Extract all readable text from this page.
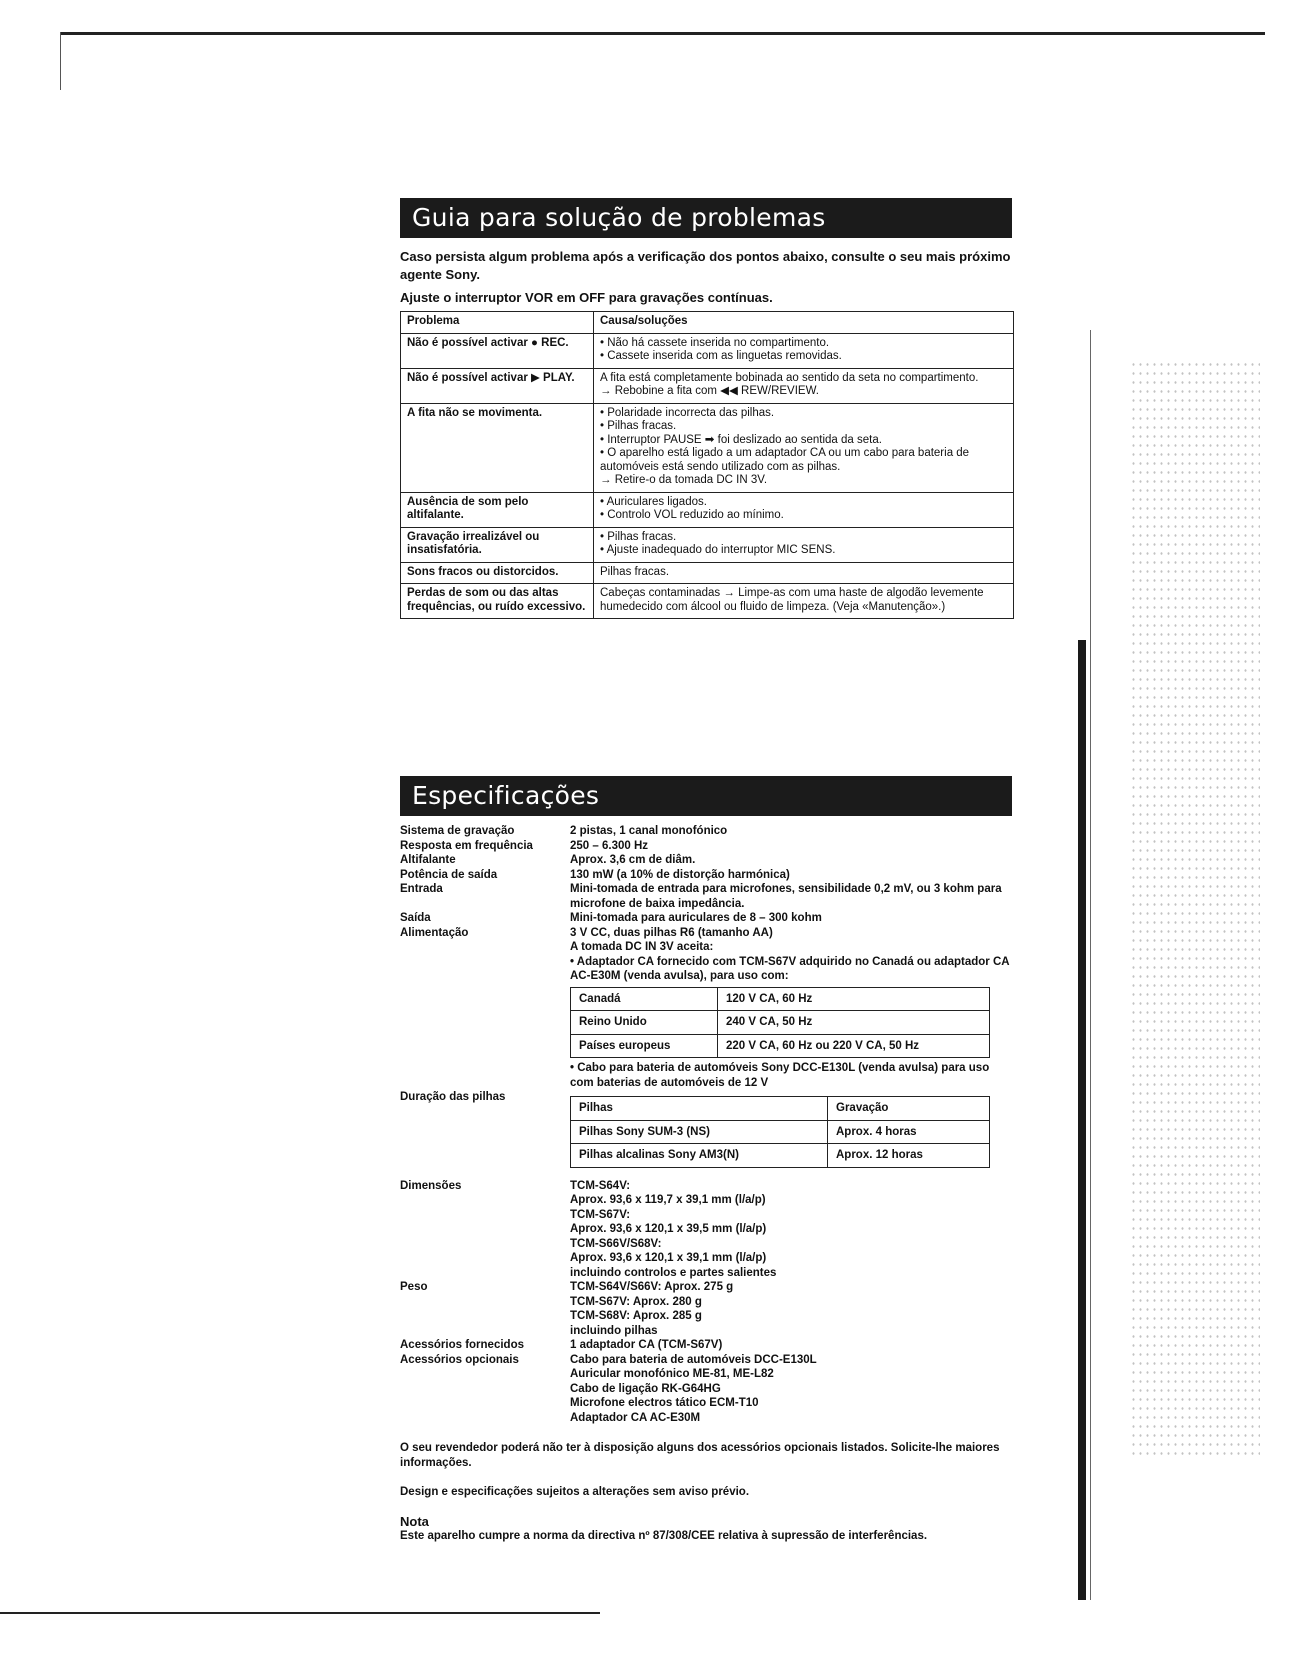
Guia para solução de problemas

Caso persista algum problema após a verificação dos pontos abaixo, consulte o seu mais próximo agente Sony.

Ajuste o interruptor VOR em OFF para gravações contínuas.

Problema	Causa/soluções
Não é possível activar ● REC.	• Não há cassete inserida no compartimento.
• Cassete inserida com as linguetas removidas.

Não é possível activar ▶ PLAY.	A fita está completamente bobinada ao sentido da seta no compartimento.
→ Rebobine a fita com ◀◀ REW/REVIEW.

A fita não se movimenta.	• Polaridade incorrecta das pilhas.
• Pilhas fracas.
• Interruptor PAUSE ➡ foi deslizado ao sentida da seta.
• O aparelho está ligado a um adaptador CA ou um cabo para bateria de automóveis está sendo utilizado com as pilhas.
→ Retire-o da tomada DC IN 3V.

Ausência de som pelo altifalante.	• Auriculares ligados.
• Controlo VOL reduzido ao mínimo.

Gravação irrealizável ou insatisfatória.	• Pilhas fracas.
• Ajuste inadequado do interruptor MIC SENS.

Sons fracos ou distorcidos.	Pilhas fracas.

Perdas de som ou das altas frequências, ou ruído excessivo.	Cabeças contaminadas → Limpe-as com uma haste de algodão levemente humedecido com álcool ou fluido de limpeza. (Veja «Manutenção».)
Especificações
Sistema de gravação	2 pistas, 1 canal monofónico
Resposta em frequência	250 – 6.300 Hz
Altifalante	Aprox. 3,6 cm de diâm.
Potência de saída	130 mW (a 10% de distorção harmónica)
Entrada	Mini-tomada de entrada para microfones, sensibilidade 0,2 mV, ou 3 kohm para microfone de baixa impedância.
Saída	Mini-tomada para auriculares de 8 – 300 kohm
Alimentação	3 V CC, duas pilhas R6 (tamanho AA)
A tomada DC IN 3V aceita:
• Adaptador CA fornecido com TCM-S67V adquirido no Canadá ou adaptador CA AC-E30M (venda avulsa), para uso com:
Canadá	120 V CA, 60 Hz
Reino Unido	240 V CA, 50 Hz
Países europeus	220 V CA, 60 Hz ou 220 V CA, 50 Hz
• Cabo para bateria de automóveis Sony DCC-E130L (venda avulsa) para uso com baterias de automóveis de 12 V
Duração das pilhas
Pilhas	Gravação
Pilhas Sony SUM-3 (NS)	Aprox. 4 horas
Pilhas alcalinas Sony AM3(N)	Aprox. 12 horas
Dimensões	TCM-S64V:
Aprox. 93,6 x 119,7 x 39,1 mm (l/a/p)
TCM-S67V:
Aprox. 93,6 x 120,1 x 39,5 mm (l/a/p)
TCM-S66V/S68V:
Aprox. 93,6 x 120,1 x 39,1 mm (l/a/p)
incluindo controlos e partes salientes
Peso	TCM-S64V/S66V: Aprox. 275 g
TCM-S67V: Aprox. 280 g
TCM-S68V: Aprox. 285 g
incluindo pilhas
Acessórios fornecidos	1 adaptador CA (TCM-S67V)
Acessórios opcionais	Cabo para bateria de automóveis DCC-E130L
Auricular monofónico ME-81, ME-L82
Cabo de ligação RK-G64HG
Microfone electros tático ECM-T10
Adaptador CA AC-E30M

O seu revendedor poderá não ter à disposição alguns dos acessórios opcionais listados. Solicite-lhe maiores informações.

Design e especificações sujeitos a alterações sem aviso prévio.

Nota
Este aparelho cumpre a norma da directiva nº 87/308/CEE relativa à supressão de interferências.
